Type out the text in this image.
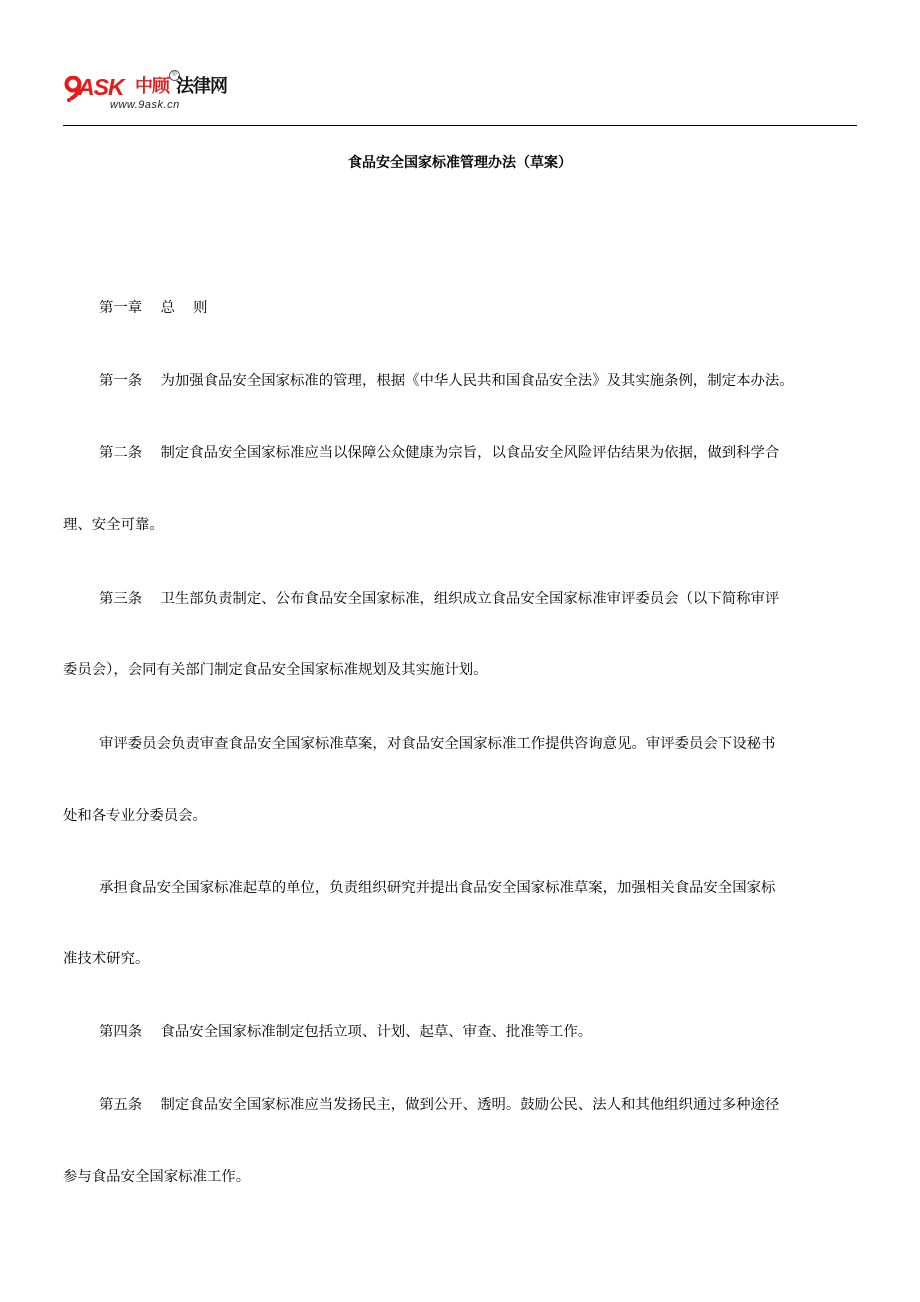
ASK 中顾
®
法律网
www.9ask.cn
食品安全国家标准管理办法（草案）
第一章    总    则
第一条    为加强食品安全国家标准的管理，根据《中华人民共和国食品安全法》及其实施条例，制定本办法。
第二条    制定食品安全国家标准应当以保障公众健康为宗旨，以食品安全风险评估结果为依据，做到科学合
理、安全可靠。
第三条    卫生部负责制定、公布食品安全国家标准，组织成立食品安全国家标准审评委员会（以下简称审评
委员会），会同有关部门制定食品安全国家标准规划及其实施计划。
审评委员会负责审查食品安全国家标准草案，对食品安全国家标准工作提供咨询意见。审评委员会下设秘书
处和各专业分委员会。
承担食品安全国家标准起草的单位，负责组织研究并提出食品安全国家标准草案，加强相关食品安全国家标
准技术研究。
第四条    食品安全国家标准制定包括立项、计划、起草、审查、批准等工作。
第五条    制定食品安全国家标准应当发扬民主，做到公开、透明。鼓励公民、法人和其他组织通过多种途径
参与食品安全国家标准工作。
